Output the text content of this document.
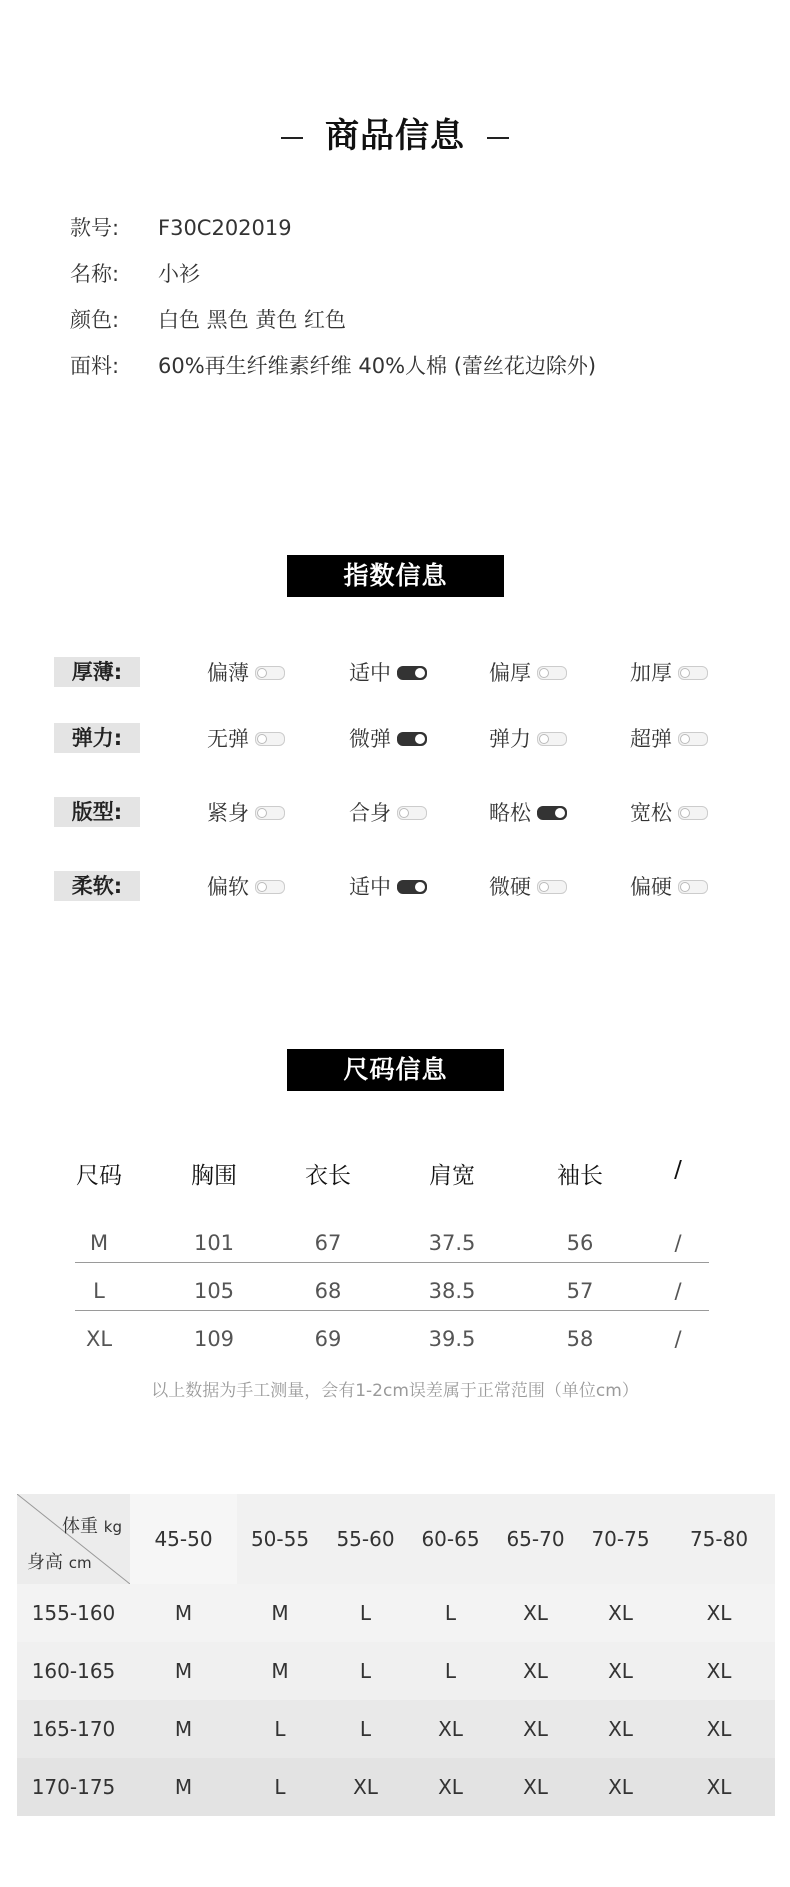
商品信息
款号: F30C202019
名称: 小衫
颜色: 白色 黑色 黄色 红色
面料: 60%再生纤维素纤维 40%人棉 (蕾丝花边除外)
指数信息
厚薄:	偏薄	适中	偏厚	加厚
弹力:	无弹	微弹	弹力	超弹
版型:	紧身	合身	略松	宽松
柔软:	偏软	适中	微硬	偏硬
尺码信息
尺码	胸围	衣长	肩宽	袖长	/
M	101	67	37.5	56	/
L	105	68	38.5	57	/
XL	109	69	39.5	58	/
以上数据为手工测量，会有1-2cm误差属于正常范围（单位cm）
体重 kg
身高 cm	45-50	50-55	55-60	60-65	65-70	70-75	75-80
155-160	M	M	L	L	XL	XL	XL
160-165	M	M	L	L	XL	XL	XL
165-170	M	L	L	XL	XL	XL	XL
170-175	M	L	XL	XL	XL	XL	XL
